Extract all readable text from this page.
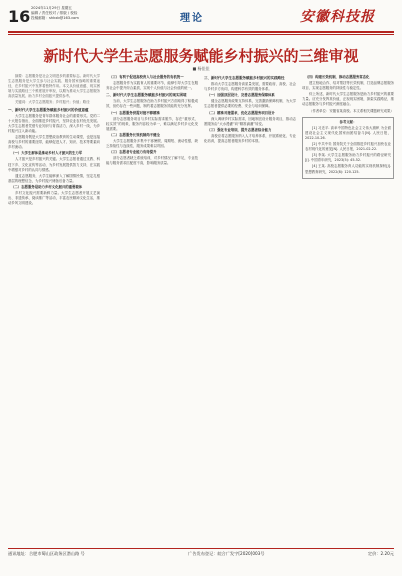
16 2024年11月29日 星期五
编辑 / 责任校对 / 排版 / 校检
投稿邮箱：shkxb@163.com	理论	安徽科技报
新时代大学生志愿服务赋能乡村振兴的三维审视
■ 杨佳佳

摘要：志愿服务是社会文明进步的重要标志。新时代大学生志愿服务是大学生参与社会实践、服务国家战略的重要途径，在乡村振兴中发挥着独特作用。本文从价值意蕴、现实困境与实践路径三个维度展开审视，以期为推动大学生志愿服务高质量发展、助力乡村全面振兴提供参考。

关键词：大学生志愿服务；乡村振兴；价值；路径

一、新时代大学生志愿服务赋能乡村振兴的价值意蕴

大学生志愿服务是青年群体服务社会的重要形式。党的二十大报告指出，全面推进乡村振兴，坚持农业农村优先发展。大学生志愿者凭借专业知识与青春活力，深入乡村一线，为乡村振兴注入新动能。

志愿服务既是大学生思想政治教育的生动课堂，也是连接高校与乡村的重要纽带，能够促进人才、知识、技术等要素向乡村流动。

（一）大学生群体是推动乡村人才振兴的生力军

人才振兴是乡村振兴的关键。大学生志愿者通过支教、科技下乡、文化宣传等活动，为乡村发展提供智力支持，在实践中增强对乡村的认同与情感。

通过志愿服务，大学生能够深入了解国情民情，坚定扎根基层的理想信念，为乡村振兴储备后备力量。

（二）志愿服务是助力乡村文化振兴的重要载体

乡村文化振兴需要新鲜力量。大学生志愿者开展文艺演出、非遗传承、阅读推广等活动，丰富农民精神文化生活，推动乡风文明建设。

（三）有利于促进高校育人与社会服务的有机统一

志愿服务作为实践育人的重要环节，能够引导大学生在服务社会中提升综合素质，实现个人价值与社会价值的统一。

二、新时代大学生志愿服务赋能乡村振兴的现实困境

当前，大学生志愿服务在助力乡村振兴方面取得了积极成效，但仍存在一些问题，制约着志愿服务效能的充分发挥。

（一）志愿服务供需对接不够精准

部分志愿服务项目与乡村实际需求脱节，存在“重形式、轻实效”的现象，服务内容较为单一，难以满足乡村多元化发展需要。

（二）志愿服务长效机制尚不健全

大学生志愿服务多集中于寒暑假，周期短、流动性强，缺乏持续性与连续性，服务成果难以巩固。

（三）志愿者专业能力有待提升

部分志愿者缺乏系统培训，对乡村情况了解不足，专业技能与服务需求匹配度不高，影响服务质量。

三、新时代大学生志愿服务赋能乡村振兴的实践路径

推动大学生志愿服务高质量发展，需要政府、高校、社会与乡村多方协同，构建科学有效的服务体系。

（一）加强顶层设计，完善志愿服务保障体系

健全志愿服务政策支持体系，完善激励保障机制，为大学生志愿者提供必要的经费、安全与培训保障。

（二）精准对接需求，优化志愿服务项目设计

深入调研乡村实际需求，因地制宜设计服务项目，推动志愿服务由“大水漫灌”向“精准滴灌”转变。

（三）强化专业培训，提升志愿者综合能力

高校应将志愿服务纳入人才培养体系，开展系统化、专业化培训，提高志愿者服务乡村的本领。

（四）构建长效机制，推动志愿服务常态化

建立校地合作、结对帮扶等长效机制，打造品牌志愿服务项目，实现志愿服务的持续性与稳定性。

综上所述，新时代大学生志愿服务是助力乡村振兴的重要力量。应充分发挥其价值，正视现实困境，探索实践路径，推动志愿服务与乡村振兴深度融合。

（作者单位：安徽省某高校。本文系相关课题研究成果）

参考文献：

[1] 习近平. 高举中国特色社会主义伟大旗帜 为全面建设社会主义现代化国家而团结奋斗[N]. 人民日报，2022-10-26.

[2] 中共中央 国务院关于全面推进乡村振兴加快农业农村现代化的意见[N]. 人民日报，2021-02-22.

[3] 李某. 大学生志愿服务助力乡村振兴的路径研究[J]. 中国青年研究，2023(5): 45-52.

[4] 王某. 高校志愿服务育人功能的实现机制探析[J]. 思想教育研究，2022(8): 120-125.

通讯地址：合肥市蜀山区政务区潜山路 号	广告发布登记：皖合广发字[2020]003号	定价：2.20元
